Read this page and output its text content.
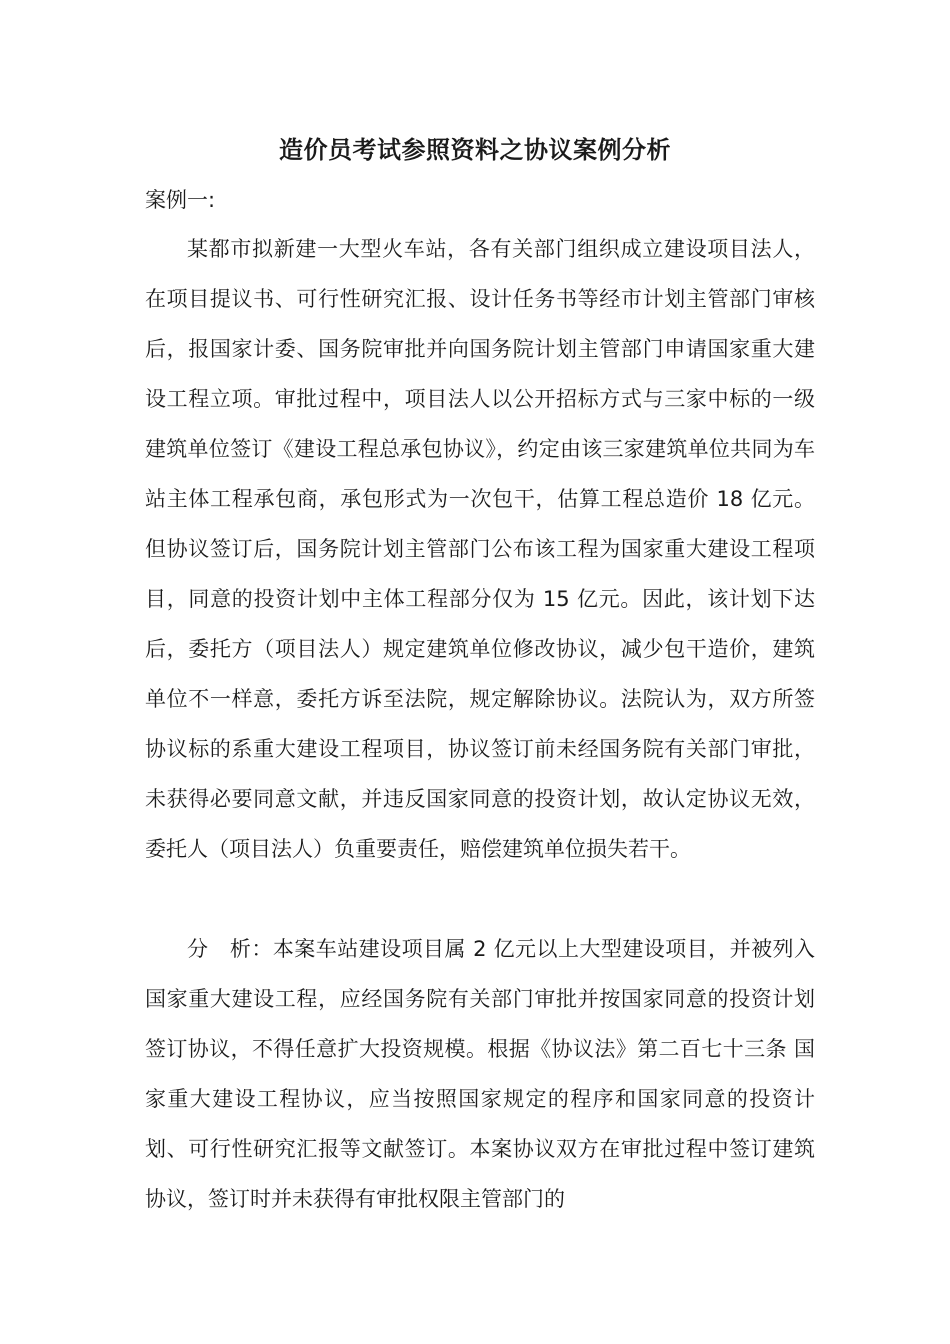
造价员考试参照资料之协议案例分析
案例一:

某都市拟新建一大型火车站，各有关部门组织成立建设项目法人，在项目提议书、可行性研究汇报、设计任务书等经市计划主管部门审核后，报国家计委、国务院审批并向国务院计划主管部门申请国家重大建设工程立项。审批过程中，项目法人以公开招标方式与三家中标的一级建筑单位签订《建设工程总承包协议》，约定由该三家建筑单位共同为车站主体工程承包商，承包形式为一次包干，估算工程总造价 18 亿元。但协议签订后，国务院计划主管部门公布该工程为国家重大建设工程项目，同意的投资计划中主体工程部分仅为 15 亿元。因此，该计划下达后，委托方（项目法人）规定建筑单位修改协议，减少包干造价，建筑单位不一样意，委托方诉至法院，规定解除协议。法院认为，双方所签协议标的系重大建设工程项目，协议签订前未经国务院有关部门审批，未获得必要同意文献，并违反国家同意的投资计划，故认定协议无效，委托人（项目法人）负重要责任，赔偿建筑单位损失若干。

分　析：本案车站建设项目属 2 亿元以上大型建设项目，并被列入国家重大建设工程，应经国务院有关部门审批并按国家同意的投资计划签订协议，不得任意扩大投资规模。根据《协议法》第二百七十三条 国家重大建设工程协议，应当按照国家规定的程序和国家同意的投资计划、可行性研究汇报等文献签订。本案协议双方在审批过程中签订建筑协议，签订时并未获得有审批权限主管部门的
